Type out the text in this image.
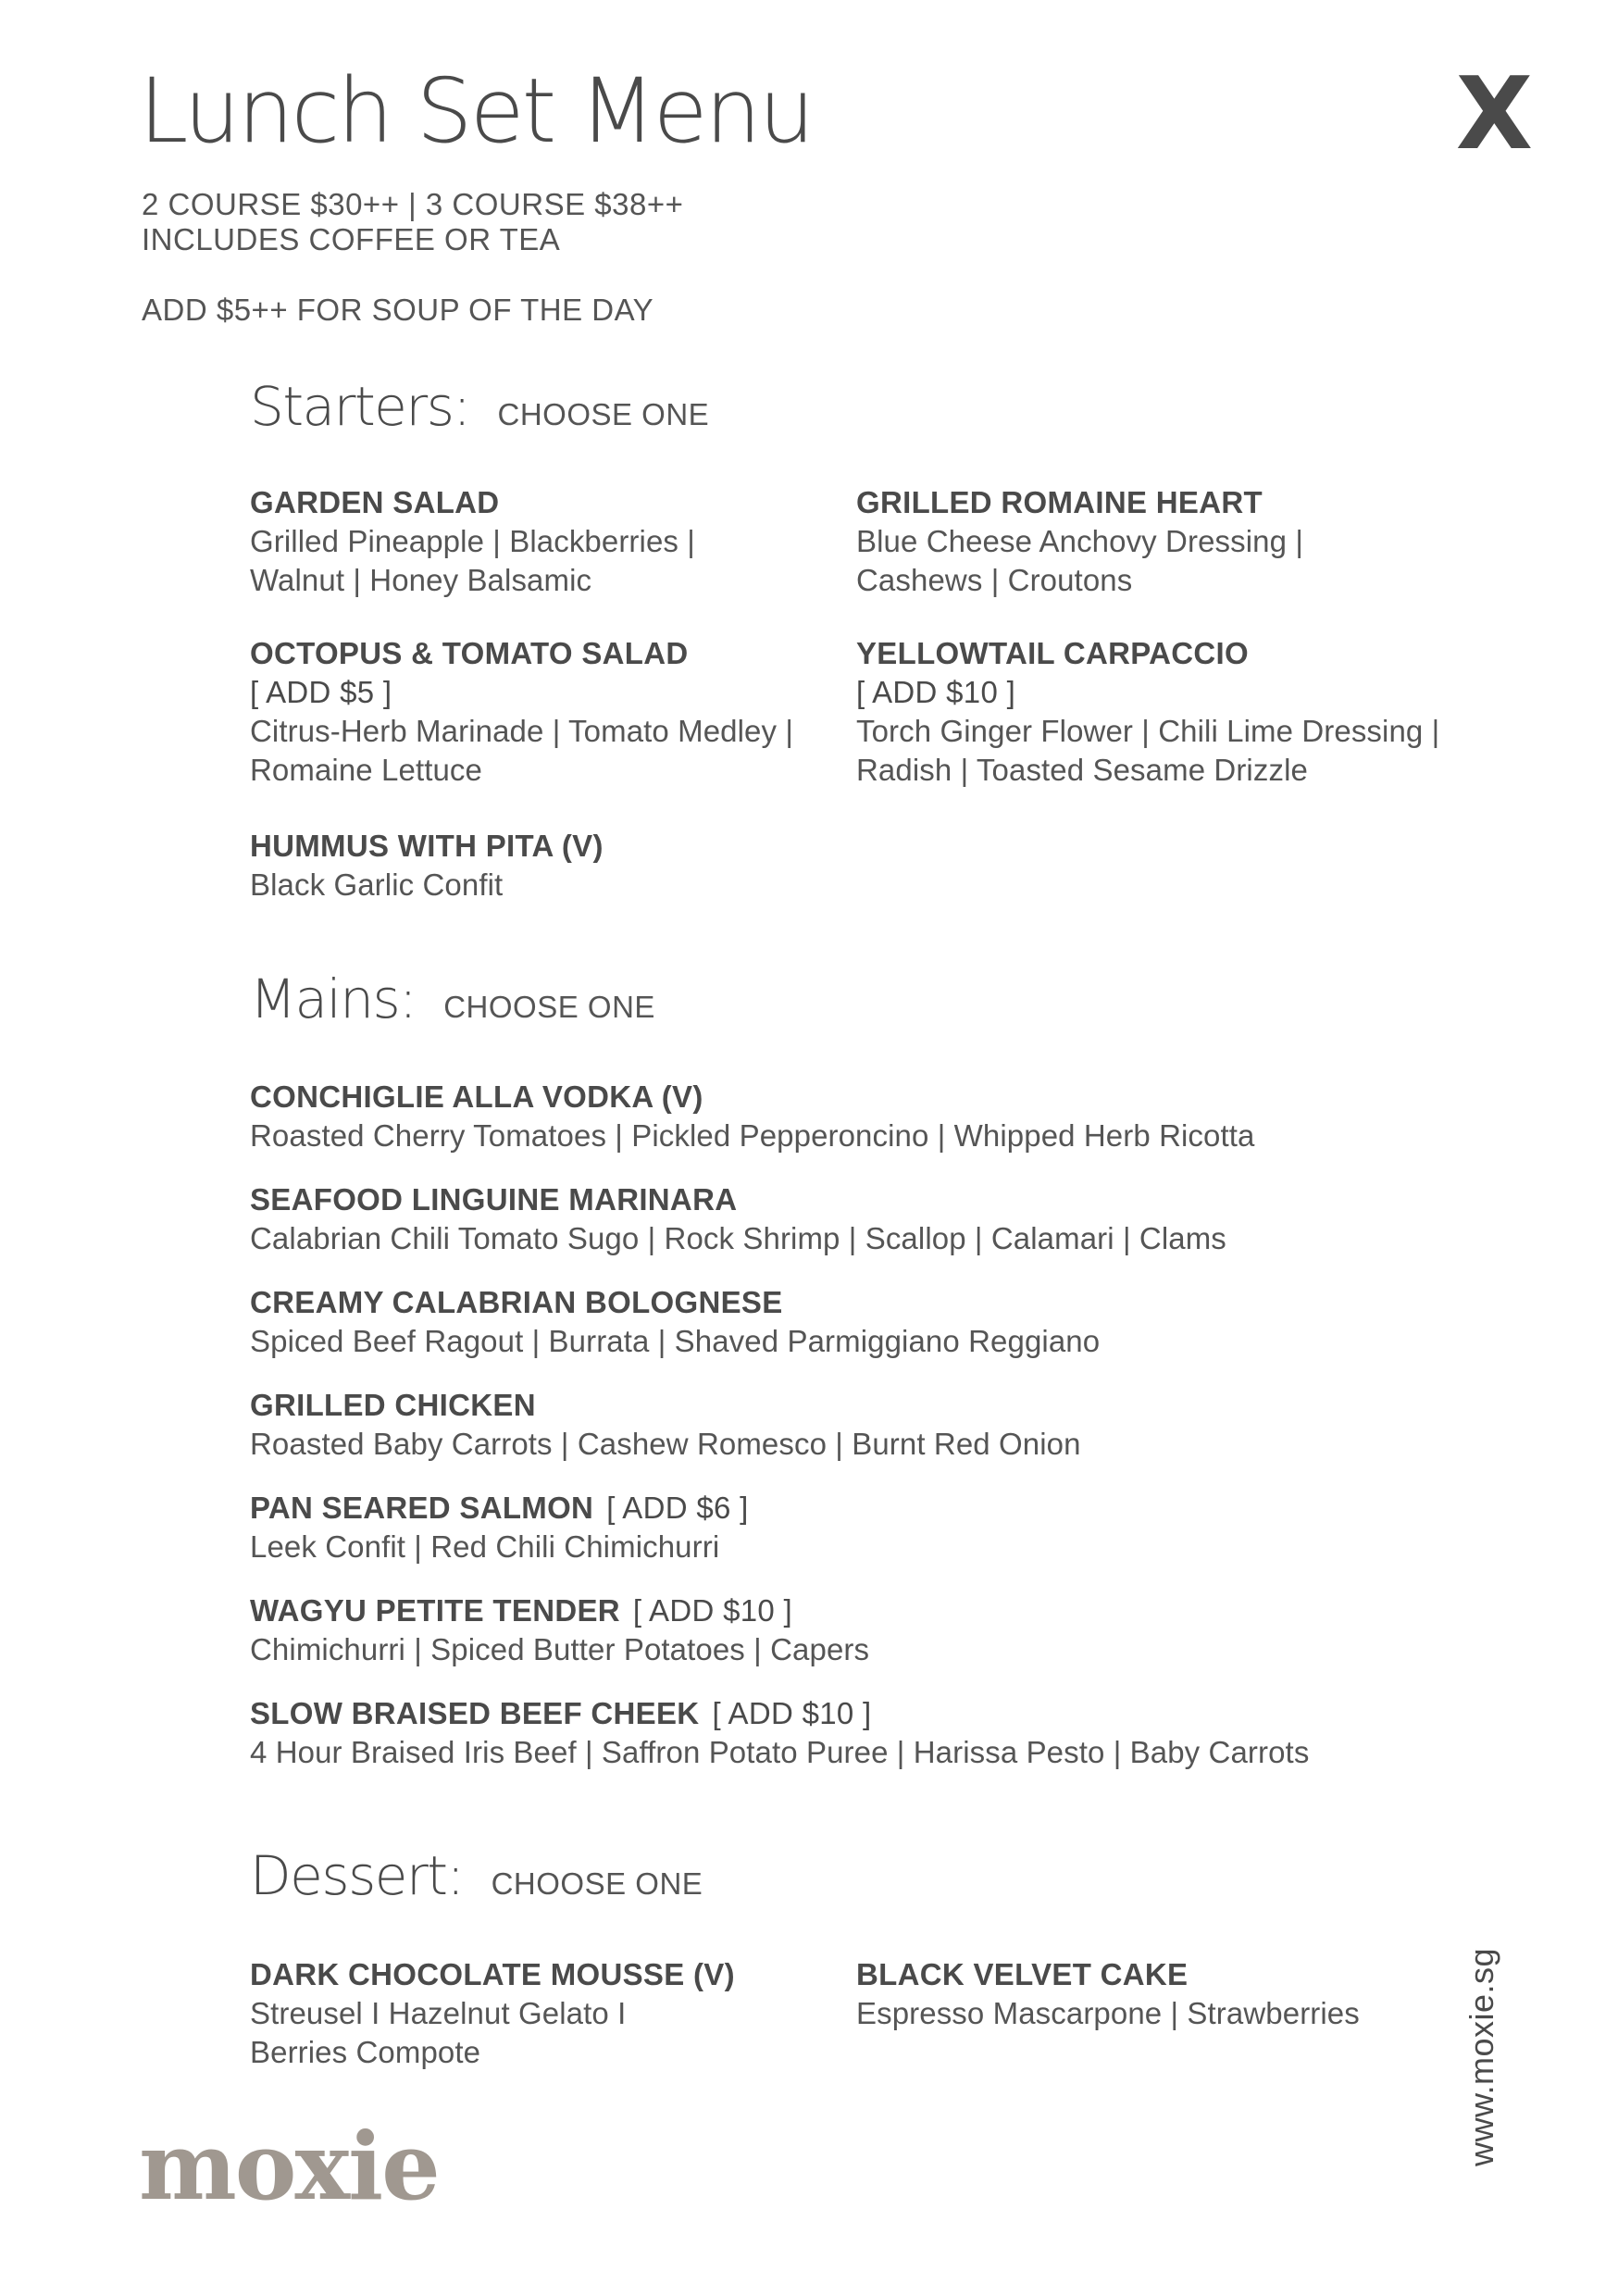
Lunch Set Menu	X
2 COURSE $30++ | 3 COURSE $38++
INCLUDES COFFEE OR TEA
ADD $5++ FOR SOUP OF THE DAY
Starters: CHOOSE ONE
GARDEN SALAD
Grilled Pineapple | Blackberries |
Walnut | Honey Balsamic
GRILLED ROMAINE HEART
Blue Cheese Anchovy Dressing |
Cashews | Croutons
OCTOPUS & TOMATO SALAD
[ ADD $5 ]
Citrus-Herb Marinade | Tomato Medley |
Romaine Lettuce
YELLOWTAIL CARPACCIO
[ ADD $10 ]
Torch Ginger Flower | Chili Lime Dressing |
Radish | Toasted Sesame Drizzle
HUMMUS WITH PITA (V)
Black Garlic Confit
Mains: CHOOSE ONE
CONCHIGLIE ALLA VODKA (V)
Roasted Cherry Tomatoes | Pickled Pepperoncino | Whipped Herb Ricotta
SEAFOOD LINGUINE MARINARA
Calabrian Chili Tomato Sugo | Rock Shrimp | Scallop | Calamari | Clams
CREAMY CALABRIAN BOLOGNESE
Spiced Beef Ragout | Burrata | Shaved Parmiggiano Reggiano
GRILLED CHICKEN
Roasted Baby Carrots | Cashew Romesco | Burnt Red Onion
PAN SEARED SALMON [ ADD $6 ]
Leek Confit | Red Chili Chimichurri
WAGYU PETITE TENDER [ ADD $10 ]
Chimichurri | Spiced Butter Potatoes | Capers
SLOW BRAISED BEEF CHEEK [ ADD $10 ]
4 Hour Braised Iris Beef | Saffron Potato Puree | Harissa Pesto | Baby Carrots
Dessert: CHOOSE ONE
DARK CHOCOLATE MOUSSE (V)
Streusel I Hazelnut Gelato I
Berries Compote
BLACK VELVET CAKE
Espresso Mascarpone | Strawberries
moxie	www.moxie.sg
